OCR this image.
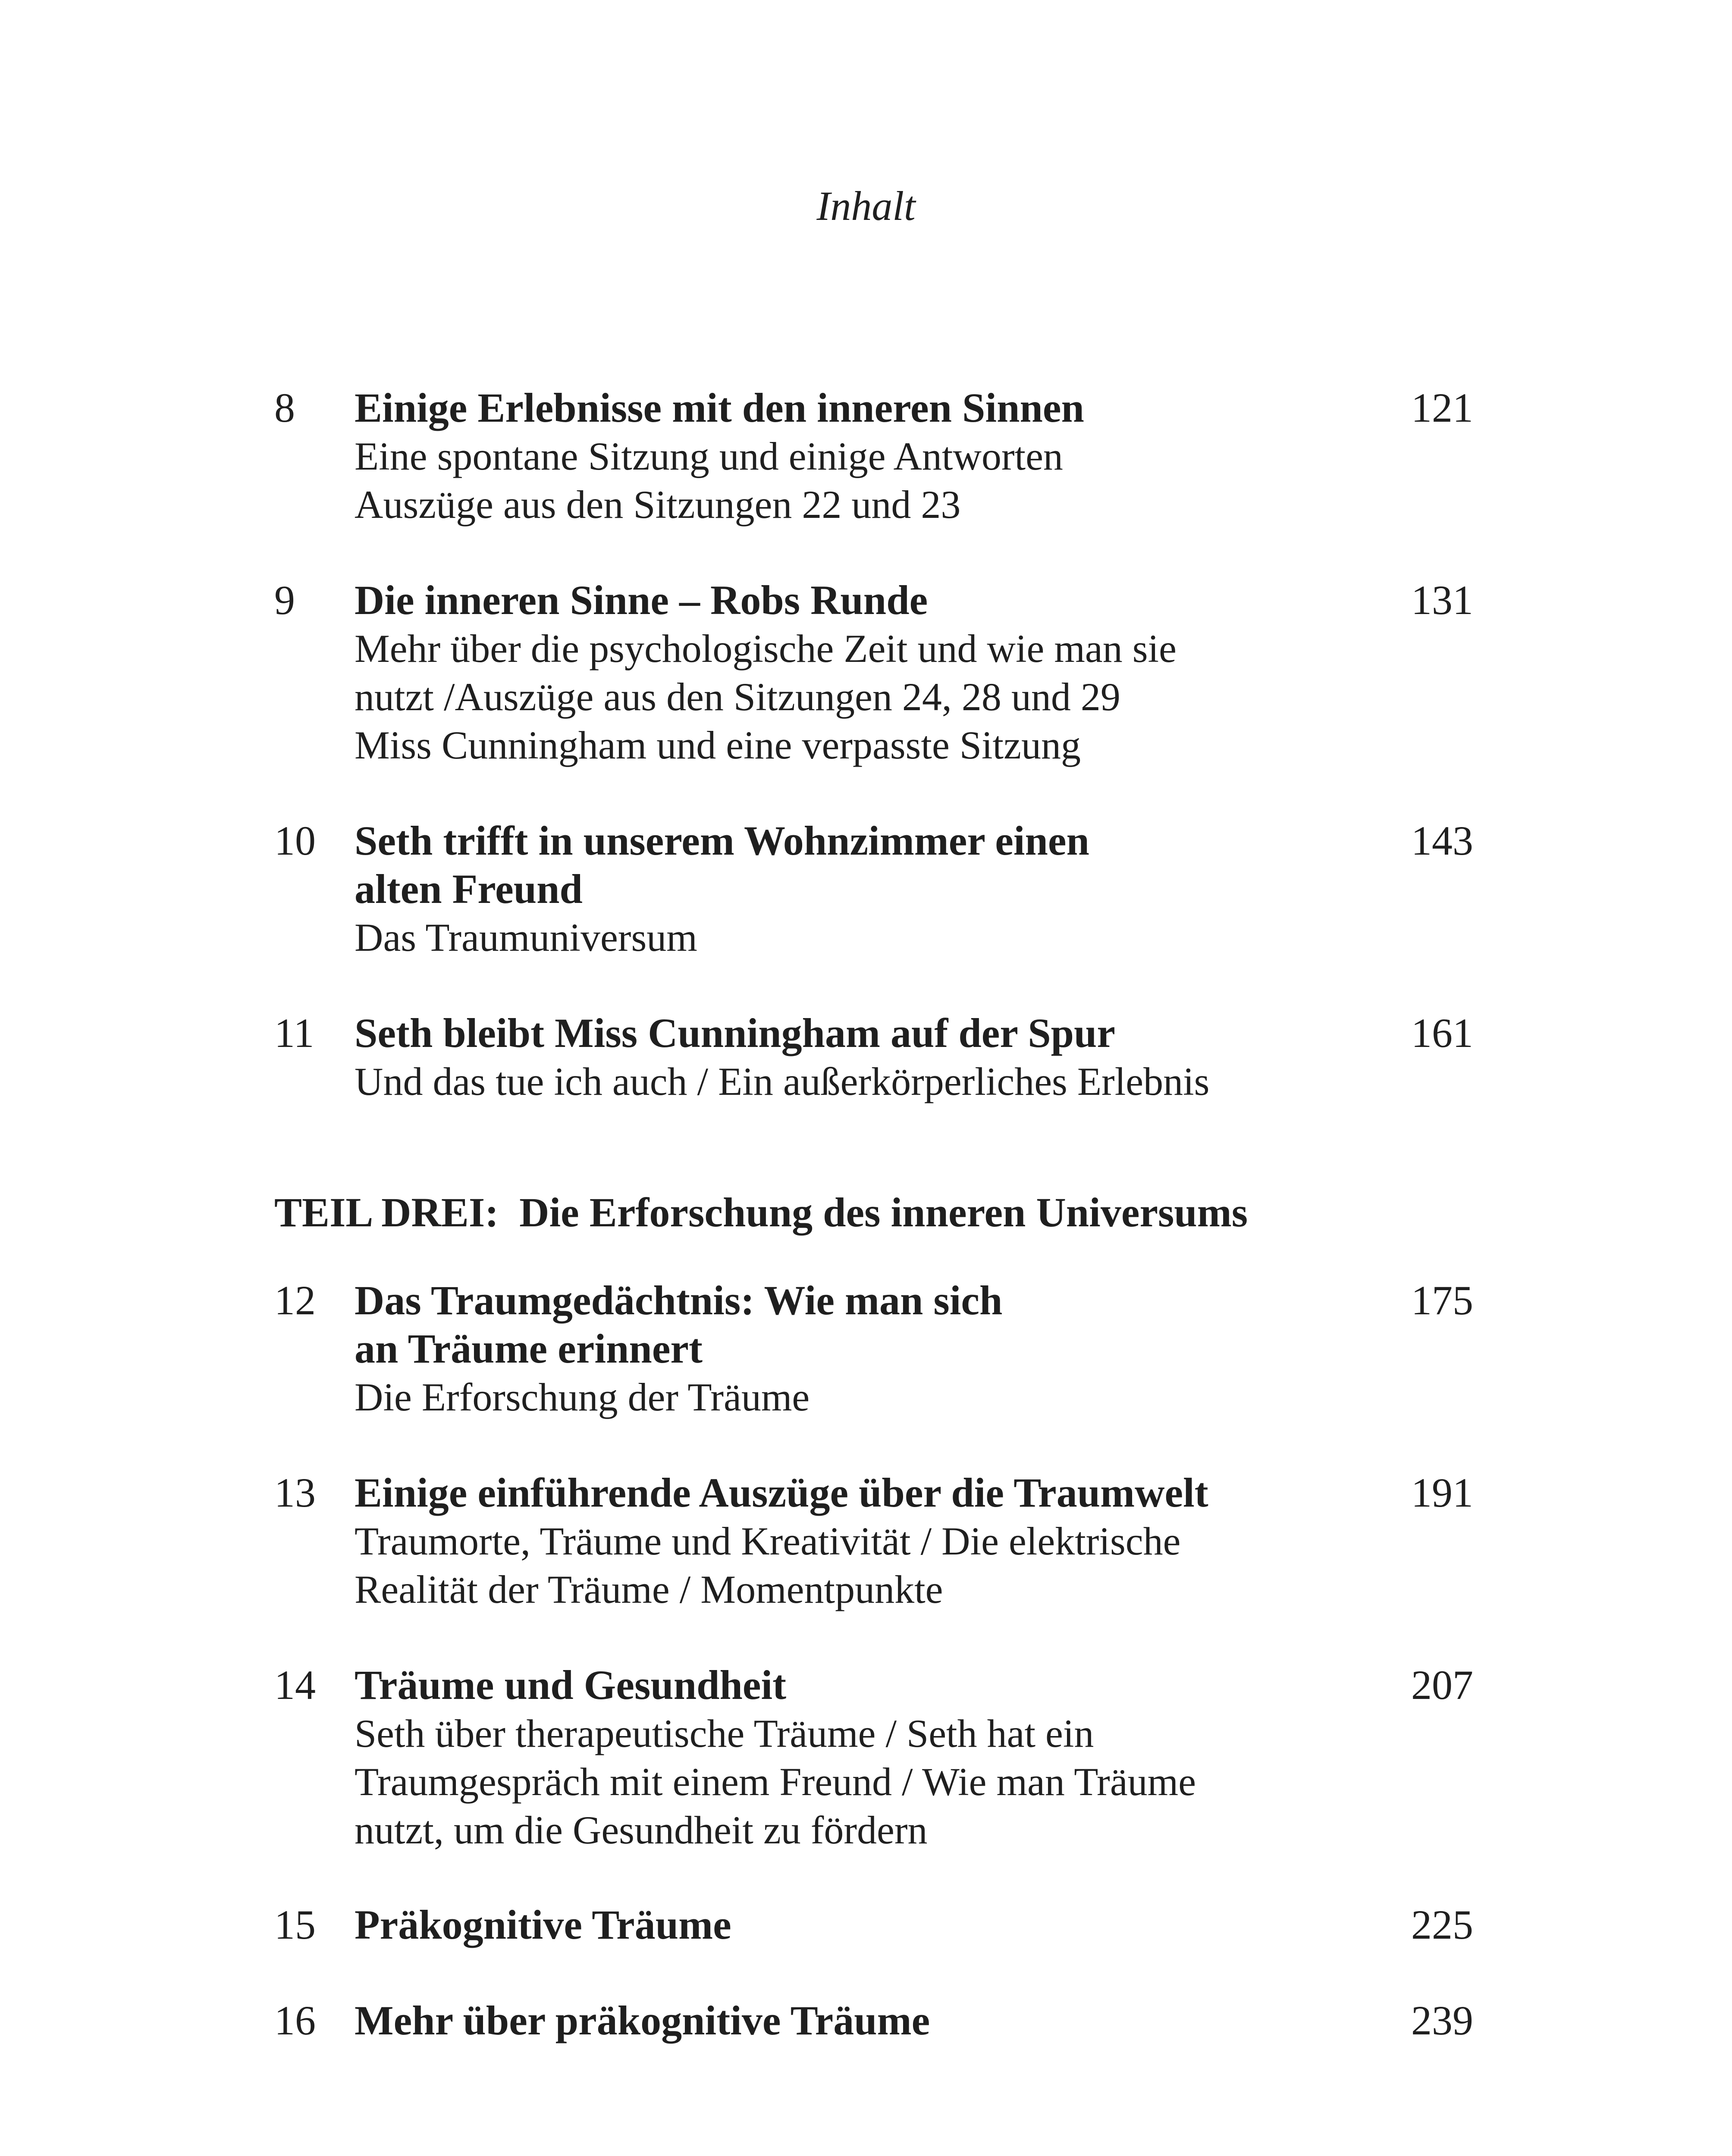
Inhalt
8 Einige Erlebnisse mit den inneren Sinnen
Eine spontane Sitzung und einige Antworten
Auszüge aus den Sitzungen 22 und 23
121
9 Die inneren Sinne – Robs Runde
Mehr über die psychologische Zeit und wie man sie
nutzt /Auszüge aus den Sitzungen 24, 28 und 29
Miss Cunningham und eine verpasste Sitzung
131
10 Seth trifft in unserem Wohnzimmer einen
alten Freund
Das Traumuniversum
143
11 Seth bleibt Miss Cunningham auf der Spur
Und das tue ich auch / Ein außerkörperliches Erlebnis
161
TEIL DREI: Die Erforschung des inneren Universums
12 Das Traumgedächtnis: Wie man sich
an Träume erinnert
Die Erforschung der Träume
175
13 Einige einführende Auszüge über die Traumwelt
Traumorte, Träume und Kreativität / Die elektrische
Realität der Träume / Momentpunkte
191
14 Träume und Gesundheit
Seth über therapeutische Träume / Seth hat ein
Traumgespräch mit einem Freund / Wie man Träume
nutzt, um die Gesundheit zu fördern
207
15 Präkognitive Träume	225
16 Mehr über präkognitive Träume	239
